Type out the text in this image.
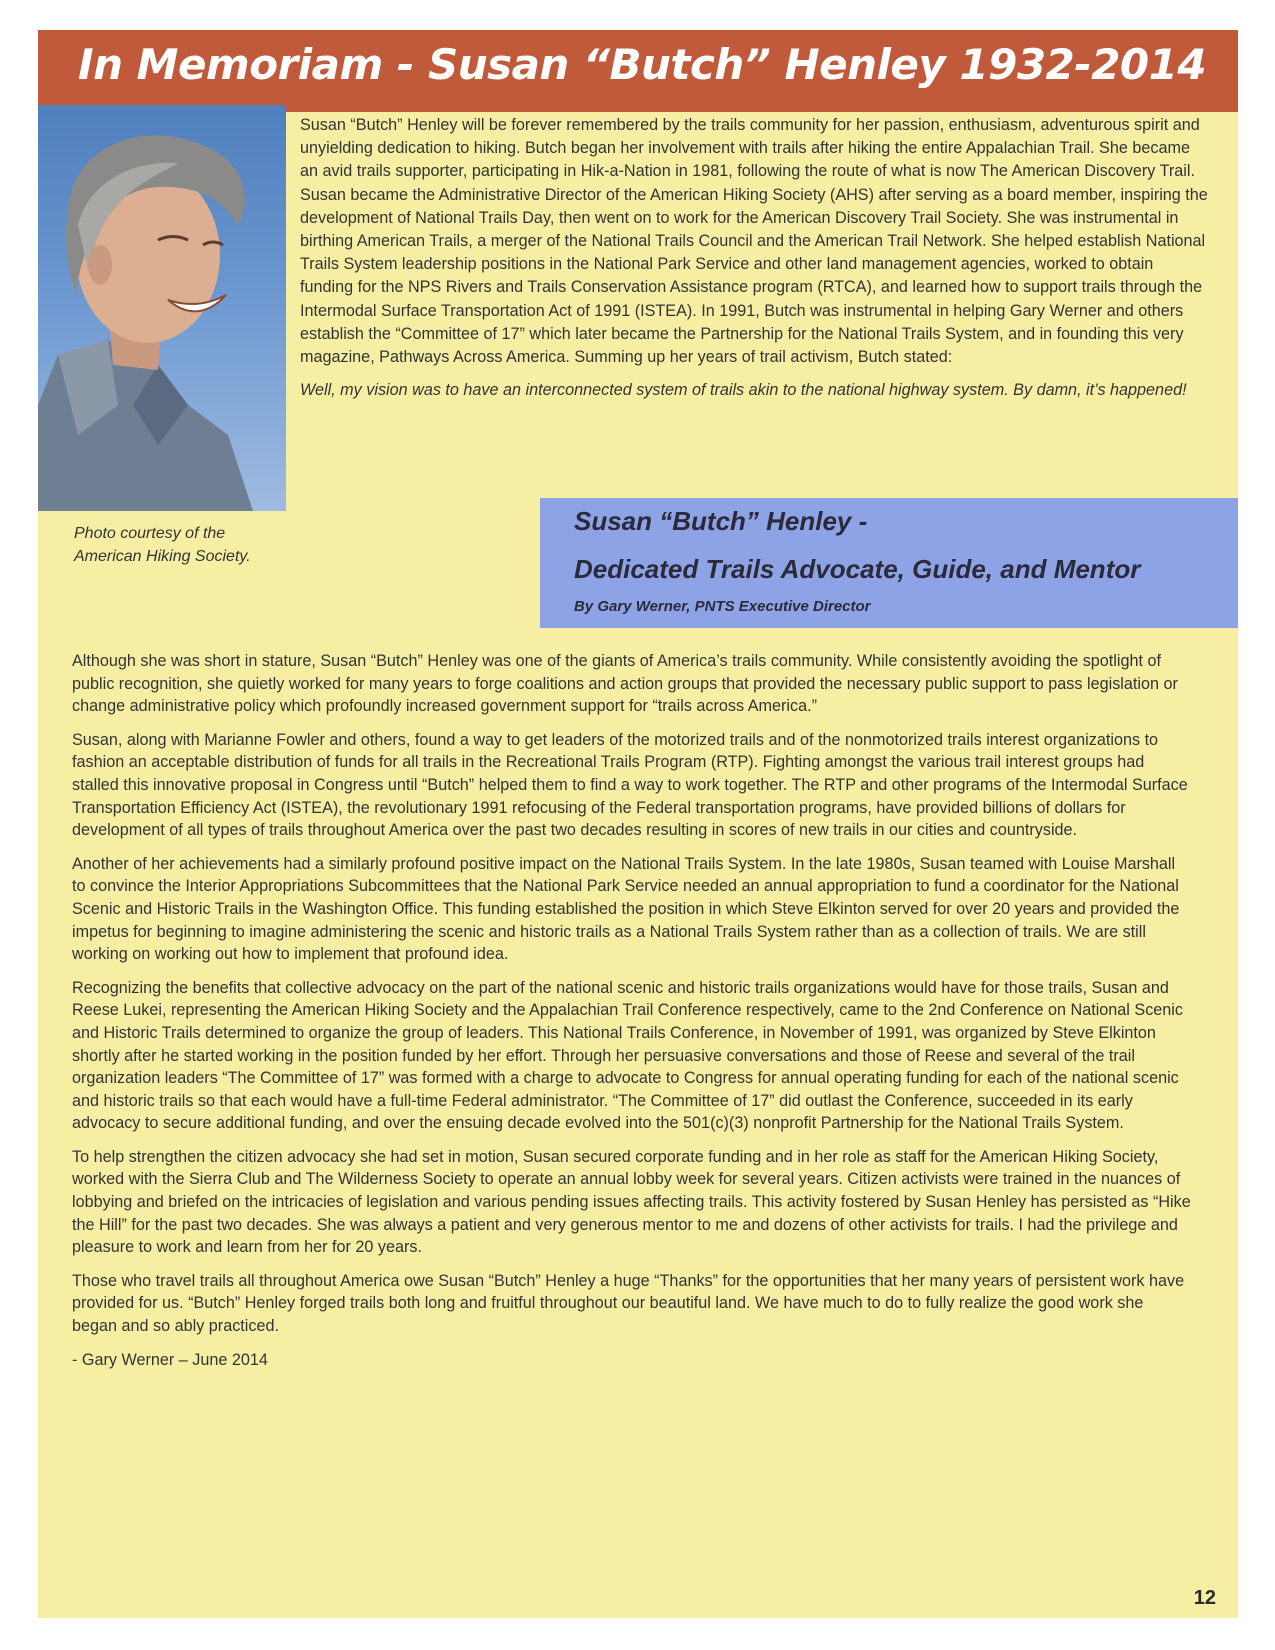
In Memoriam - Susan “Butch” Henley 1932-2014
Photo courtesy of the
American Hiking Society.

Susan “Butch” Henley will be forever remembered by the trails community for her passion, enthusiasm, adventurous spirit and unyielding dedication to hiking. Butch began her involvement with trails after hiking the entire Appalachian Trail. She became an avid trails supporter, participating in Hik-a-Nation in 1981, following the route of what is now The American Discovery Trail. Susan became the Administrative Director of the American Hiking Society (AHS) after serving as a board member, inspiring the development of National Trails Day, then went on to work for the American Discovery Trail Society. She was instrumental in birthing American Trails, a merger of the National Trails Council and the American Trail Network. She helped establish National Trails System leadership positions in the National Park Service and other land management agencies, worked to obtain funding for the NPS Rivers and Trails Conservation Assistance program (RTCA), and learned how to support trails through the Intermodal Surface Transportation Act of 1991 (ISTEA). In 1991, Butch was instrumental in helping Gary Werner and others establish the “Committee of 17” which later became the Partnership for the National Trails System, and in founding this very magazine, Pathways Across America. Summing up her years of trail activism, Butch stated:

Well, my vision was to have an interconnected system of trails akin to the national highway system. By damn, it’s happened!

Susan “Butch” Henley -
Dedicated Trails Advocate, Guide, and Mentor
By Gary Werner, PNTS Executive Director

Although she was short in stature, Susan “Butch” Henley was one of the giants of America’s trails community. While consistently avoiding the spotlight of public recognition, she quietly worked for many years to forge coalitions and action groups that provided the necessary public support to pass legislation or change administrative policy which profoundly increased government support for “trails across America.”

Susan, along with Marianne Fowler and others, found a way to get leaders of the motorized trails and of the nonmotorized trails interest organizations to fashion an acceptable distribution of funds for all trails in the Recreational Trails Program (RTP). Fighting amongst the various trail interest groups had stalled this innovative proposal in Congress until “Butch” helped them to find a way to work together. The RTP and other programs of the Intermodal Surface Transportation Efficiency Act (ISTEA), the revolutionary 1991 refocusing of the Federal transportation programs, have provided billions of dollars for development of all types of trails throughout America over the past two decades resulting in scores of new trails in our cities and countryside.

Another of her achievements had a similarly profound positive impact on the National Trails System. In the late 1980s, Susan teamed with Louise Marshall to convince the Interior Appropriations Subcommittees that the National Park Service needed an annual appropriation to fund a coordinator for the National Scenic and Historic Trails in the Washington Office. This funding established the position in which Steve Elkinton served for over 20 years and provided the impetus for beginning to imagine administering the scenic and historic trails as a National Trails System rather than as a collection of trails. We are still working on working out how to implement that profound idea.

Recognizing the benefits that collective advocacy on the part of the national scenic and historic trails organizations would have for those trails, Susan and Reese Lukei, representing the American Hiking Society and the Appalachian Trail Conference respectively, came to the 2nd Conference on National Scenic and Historic Trails determined to organize the group of leaders. This National Trails Conference, in November of 1991, was organized by Steve Elkinton shortly after he started working in the position funded by her effort. Through her persuasive conversations and those of Reese and several of the trail organization leaders “The Committee of 17” was formed with a charge to advocate to Congress for annual operating funding for each of the national scenic and historic trails so that each would have a full-time Federal administrator. “The Committee of 17” did outlast the Conference, succeeded in its early advocacy to secure additional funding, and over the ensuing decade evolved into the 501(c)(3) nonprofit Partnership for the National Trails System.

To help strengthen the citizen advocacy she had set in motion, Susan secured corporate funding and in her role as staff for the American Hiking Society, worked with the Sierra Club and The Wilderness Society to operate an annual lobby week for several years. Citizen activists were trained in the nuances of lobbying and briefed on the intricacies of legislation and various pending issues affecting trails. This activity fostered by Susan Henley has persisted as “Hike the Hill” for the past two decades. She was always a patient and very generous mentor to me and dozens of other activists for trails. I had the privilege and pleasure to work and learn from her for 20 years.

Those who travel trails all throughout America owe Susan “Butch” Henley a huge “Thanks” for the opportunities that her many years of persistent work have provided for us. “Butch” Henley forged trails both long and fruitful throughout our beautiful land. We have much to do to fully realize the good work she began and so ably practiced.

- Gary Werner – June 2014

12
